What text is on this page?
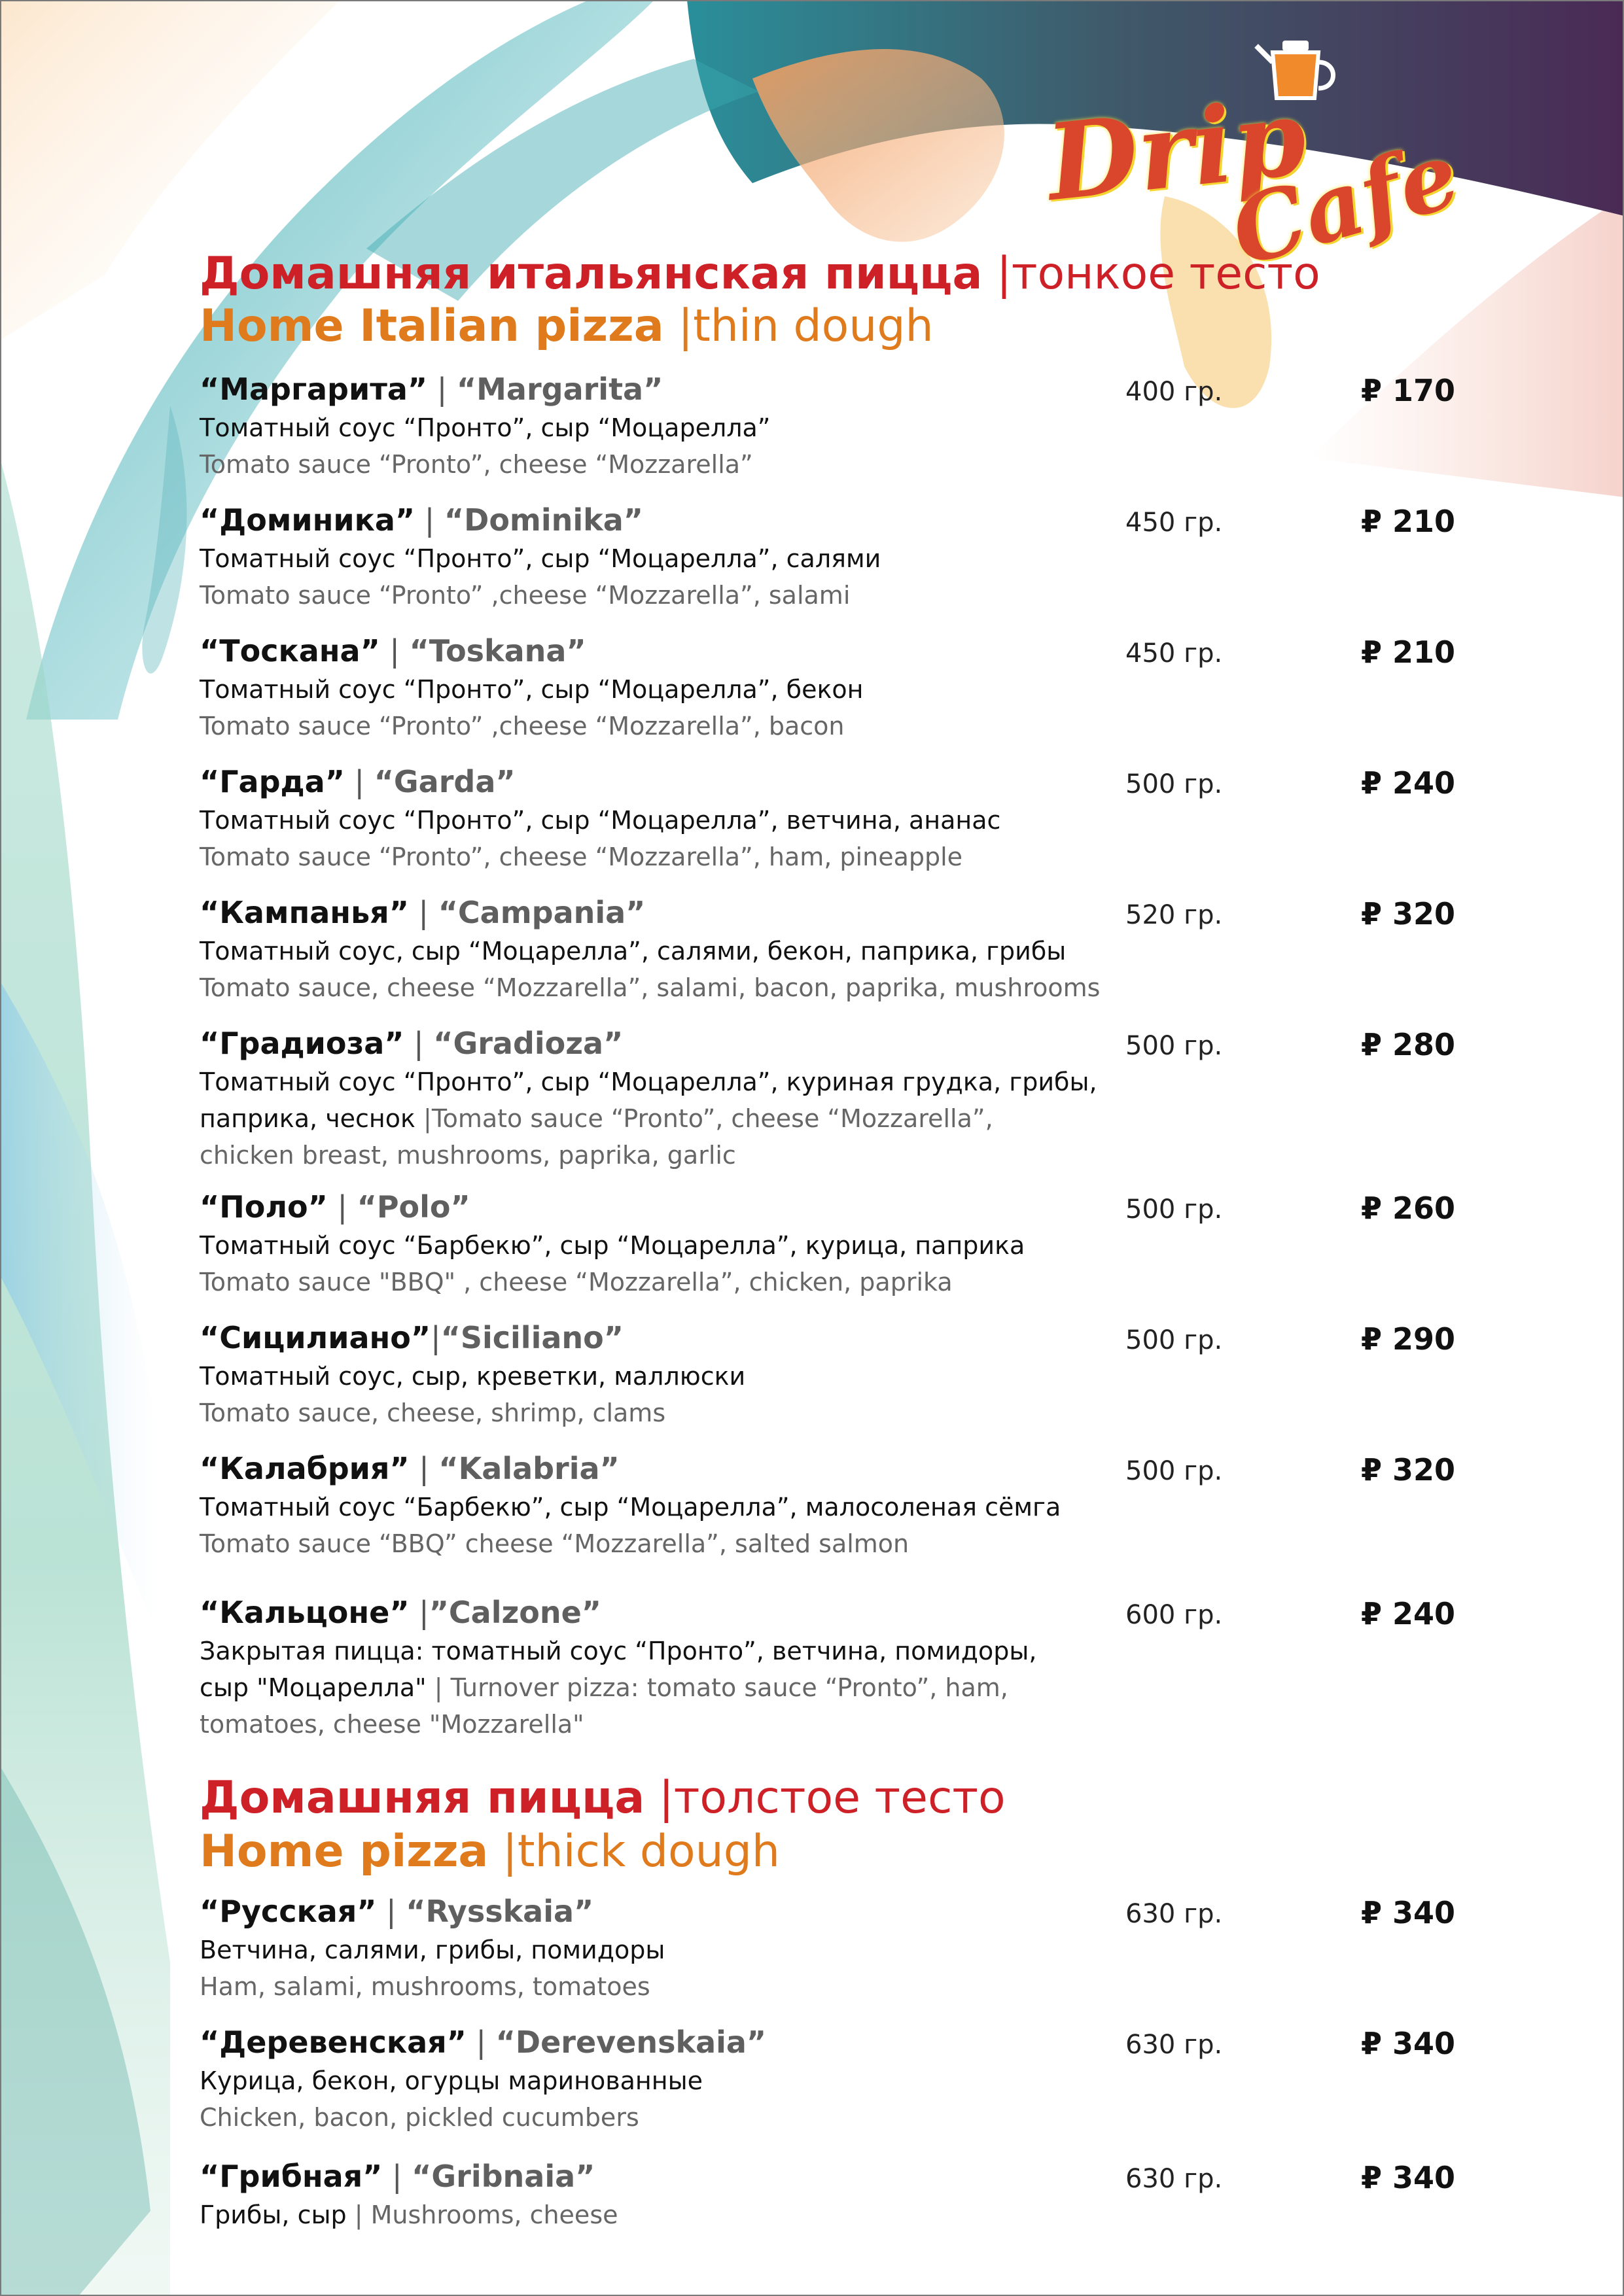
Drip
Cafe
Домашняя итальянская пицца |тонкое тесто
Home Italian pizza |thin dough
“Маргарита” | “Margarita”	400 гр.	₽ 170
Томатный соус “Пронто”, сыр “Моцарелла”
Tomato sauce “Pronto”, cheese “Mozzarella”
“Доминика” | “Dominika”	450 гр.	₽ 210
Томатный соус “Пронто”, сыр “Моцарелла”, салями
Tomato sauce “Pronto” ,cheese “Mozzarella”, salami
“Тоскана” | “Toskana”	450 гр.	₽ 210
Томатный соус “Пронто”, сыр “Моцарелла”, бекон
Tomato sauce “Pronto” ,cheese “Mozzarella”, bacon
“Гарда” | “Garda”	500 гр.	₽ 240
Томатный соус “Пронто”, сыр “Моцарелла”, ветчина, ананас
Tomato sauce “Pronto”, cheese “Mozzarella”, ham, pineapple
“Кампанья” | “Campania”	520 гр.	₽ 320
Томатный соус, сыр “Моцарелла”, салями, бекон, паприка, грибы
Tomato sauce, cheese “Mozzarella”, salami, bacon, paprika, mushrooms
“Градиоза” | “Gradioza”	500 гр.	₽ 280
Томатный соус “Пронто”, сыр “Моцарелла”, куриная грудка, грибы,
паприка, чеснок |Tomato sauce “Pronto”, cheese “Mozzarella”,
chicken breast, mushrooms, paprika, garlic
“Поло” | “Polo”	500 гр.	₽ 260
Томатный соус “Барбекю”, сыр “Моцарелла”, курица, паприка
Tomato sauce "BBQ" , cheese “Mozzarella”, chicken, paprika
“Сицилиано”|“Siciliano”	500 гр.	₽ 290
Томатный соус, сыр, креветки, маллюски
Tomato sauce, cheese, shrimp, clams
“Калабрия” | “Kalabria”	500 гр.	₽ 320
Томатный соус “Барбекю”, сыр “Моцарелла”, малосоленая сёмга
Tomato sauce “BBQ” cheese “Mozzarella”, salted salmon
“Кальцоне” |”Calzone”	600 гр.	₽ 240
Закрытая пицца: томатный соус “Пронто”, ветчина, помидоры,
сыр "Моцарелла" | Turnover pizza: tomato sauce “Pronto”, ham,
tomatoes, cheese "Mozzarella"
Домашняя пицца |толстое тесто
Home pizza |thick dough
“Русская” | “Rysskaia”	630 гр.	₽ 340
Ветчина, салями, грибы, помидоры
Ham, salami, mushrooms, tomatoes
“Деревенская” | “Derevenskaia”	630 гр.	₽ 340
Курица, бекон, огурцы маринованные
Chicken, bacon, pickled cucumbers
“Грибная” | “Gribnaia”	630 гр.	₽ 340
Грибы, сыр | Mushrooms, cheese
